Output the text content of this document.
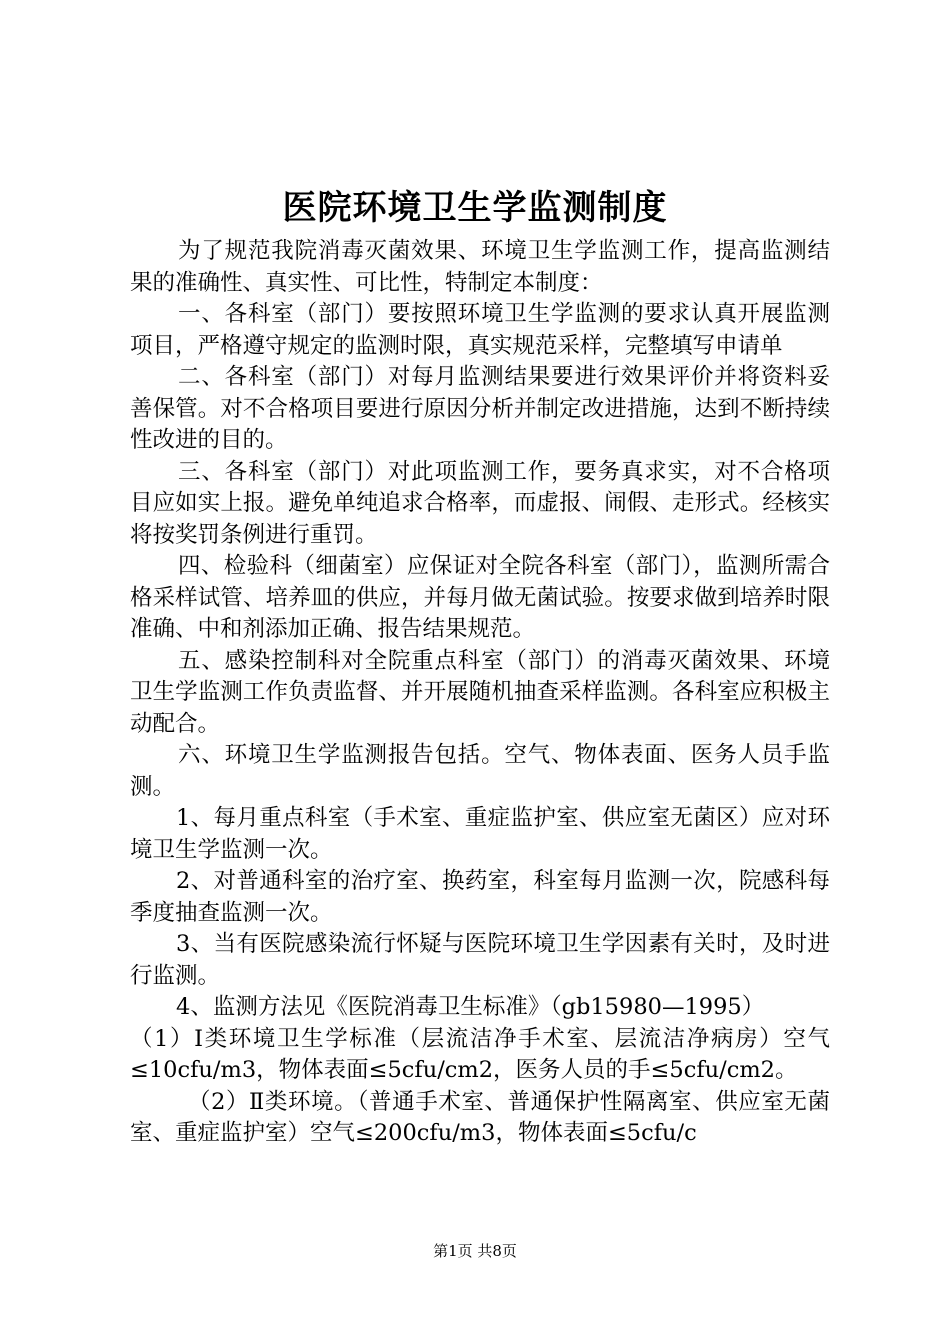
医院环境卫生学监测制度

为了规范我院消毒灭菌效果、环境卫生学监测工作，提高监测结果的准确性、真实性、可比性，特制定本制度：

一、各科室（部门）要按照环境卫生学监测的要求认真开展监测项目，严格遵守规定的监测时限，真实规范采样，完整填写申请单

二、各科室（部门）对每月监测结果要进行效果评价并将资料妥善保管。对不合格项目要进行原因分析并制定改进措施，达到不断持续性改进的目的。

三、各科室（部门）对此项监测工作，要务真求实，对不合格项目应如实上报。避免单纯追求合格率，而虚报、闹假、走形式。经核实将按奖罚条例进行重罚。

四、检验科（细菌室）应保证对全院各科室（部门），监测所需合格采样试管、培养皿的供应，并每月做无菌试验。按要求做到培养时限准确、中和剂添加正确、报告结果规范。

五、感染控制科对全院重点科室（部门）的消毒灭菌效果、环境卫生学监测工作负责监督、并开展随机抽查采样监测。各科室应积极主动配合。

六、环境卫生学监测报告包括。空气、物体表面、医务人员手监测。

1、每月重点科室（手术室、重症监护室、供应室无菌区）应对环境卫生学监测一次。

2、对普通科室的治疗室、换药室，科室每月监测一次，院感科每季度抽查监测一次。

3、当有医院感染流行怀疑与医院环境卫生学因素有关时，及时进行监测。

4、监测方法见《医院消毒卫生标准》（gb15980—1995）

（1）Ⅰ类环境卫生学标准（层流洁净手术室、层流洁净病房）空气≤10cfu/m3，物体表面≤5cfu/cm2，医务人员的手≤5cfu/cm2。

（2）Ⅱ类环境。（普通手术室、普通保护性隔离室、供应室无菌室、重症监护室）空气≤200cfu/m3，物体表面≤5cfu/c

第1页 共8页
